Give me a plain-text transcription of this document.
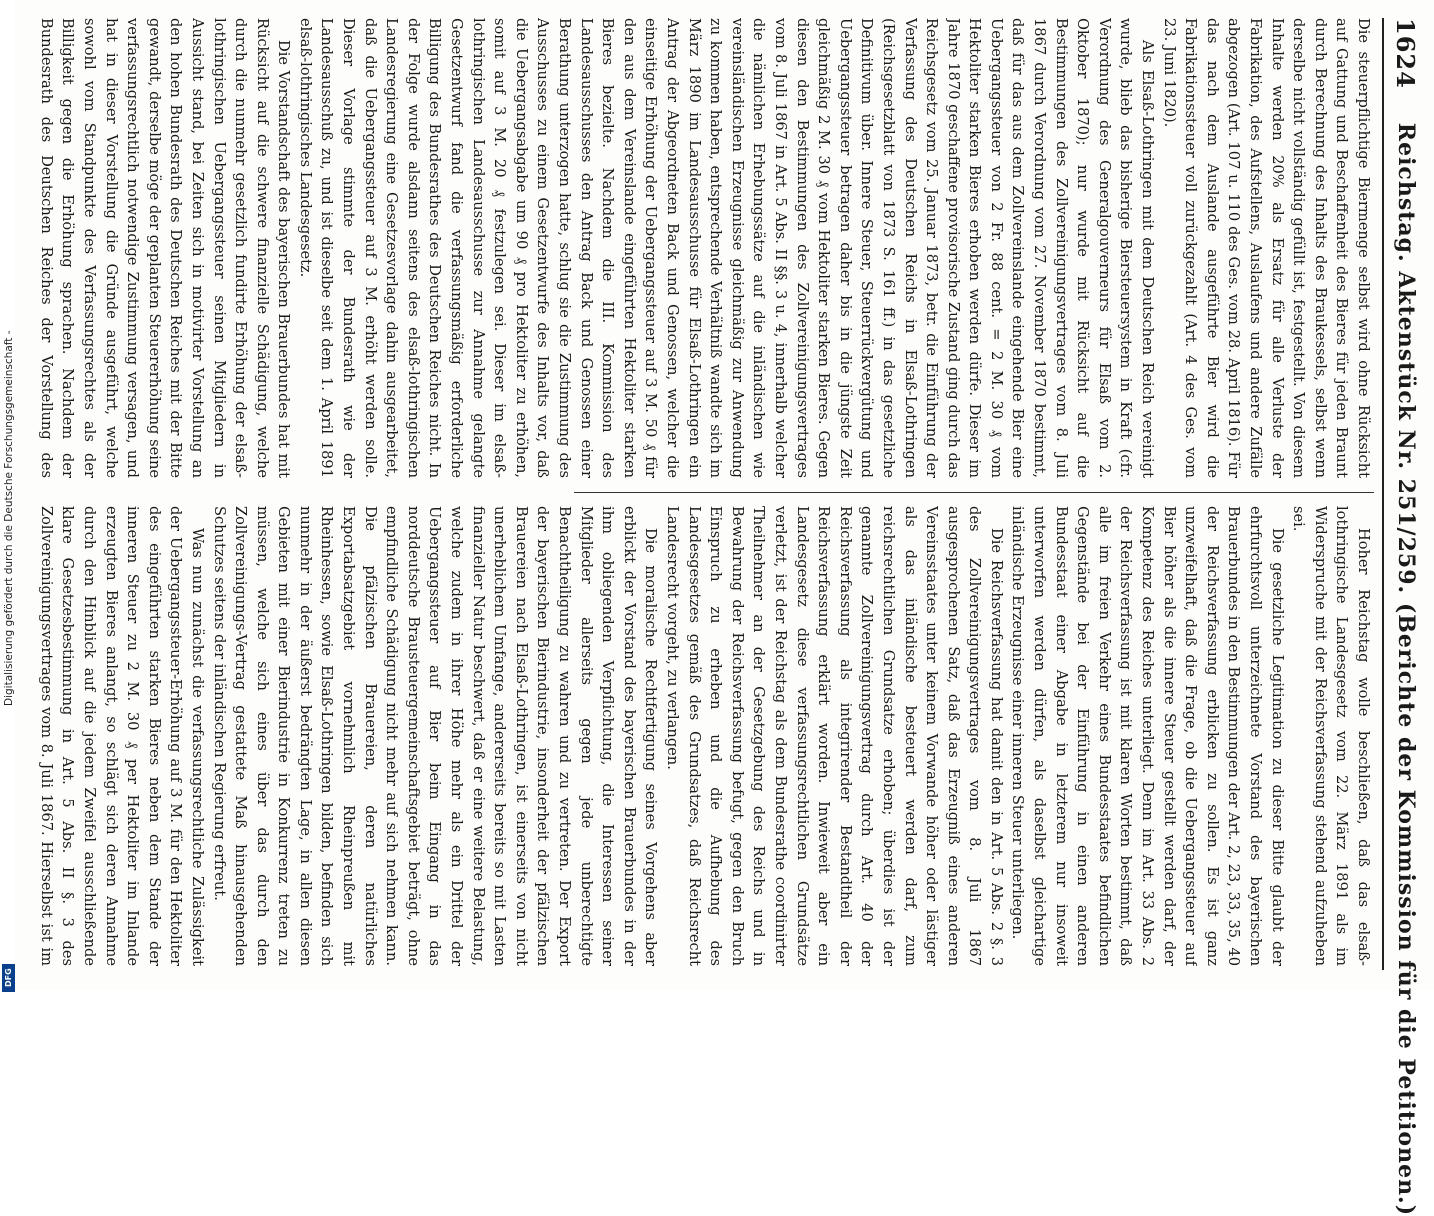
1624
Reichstag. Aktenstück Nr. 251/259. (Berichte der Kommission für die Petitionen.)

Die steuerpflichtige Biermenge selbst wird ohne Rücksicht auf Gattung und Beschaffenheit des Bieres für jeden Braunt durch Berechnung des Inhalts des Braukessels, selbst wenn derselbe nicht vollständig gefüllt ist, festgestellt. Von diesem Inhalte werden 20% als Ersatz für alle Verluste der Fabrikation, des Aufstellens, Auslaufens und andere Zufälle abgezogen (Art. 107 u. 110 des Ges. vom 28. April 1816). Für das nach dem Auslande ausgeführte Bier wird die Fabrikationssteuer voll zurückgezahlt (Art. 4 des Ges. vom 23. Juni 1820).

Als Elsaß-Lothringen mit dem Deutschen Reich vereinigt wurde, blieb das bisherige Biersteuersystem in Kraft (cfr. Verordnung des Generalgouverneurs für Elsaß vom 2. Oktober 1870); nur wurde mit Rücksicht auf die Bestimmungen des Zollvereinigungsvertrages vom 8. Juli 1867 durch Verordnung vom 27. November 1870 bestimmt, daß für das aus dem Zollvereinslande eingehende Bier eine Uebergangssteuer von 2 Fr. 88 cent. = 2 M. 30 ₰ vom Hektoliter starken Bieres erhoben werden dürfe. Dieser im Jahre 1870 geschaffene provisorische Zustand ging durch das Reichsgesetz vom 25. Januar 1873, betr. die Einführung der Verfassung des Deutschen Reichs in Elsaß-Lothringen (Reichsgesetzblatt von 1873 S. 161 ff.) in das gesetzliche Definitivum über. Innere Steuer, Steuerrückvergütung und Uebergangssteuer betragen daher bis in die jüngste Zeit gleichmäßig 2 M. 30 ₰ vom Hektoliter starken Bieres. Gegen diesen den Bestimmungen des Zollvereinigungsvertrages vom 8. Juli 1867 in Art. 5 Abs. II §§. 3 u. 4, innerhalb welcher die nämlichen Erhebungssätze auf die inländischen wie vereinsländischen Erzeugnisse gleichmäßig zur Anwendung zu kommen haben, entsprechende Verhältniß wandte sich im März 1890 im Landesausschusse für Elsaß-Lothringen ein Antrag der Abgeordneten Back und Genossen, welcher die einseitige Erhöhung der Uebergangssteuer auf 3 M. 50 ₰ für den aus dem Vereinslande eingeführten Hektoliter starken Bieres bezielte. Nachdem die III. Kommission des Landesausschusses den Antrag Back und Genossen einer Berathung unterzogen hatte, schlug sie die Zustimmung des Ausschusses zu einem Gesetzentwurfe des Inhalts vor, daß die Uebergangsabgabe um 90 ₰ pro Hektoliter zu erhöhen, somit auf 3 M. 20 ₰ festzulegen sei. Dieser im elsaß-lothringischen Landesausschusse zur Annahme gelangte Gesetzentwurf fand die verfassungsmäßig erforderliche Billigung des Bundesrathes des Deutschen Reiches nicht. In der Folge wurde alsdann seitens des elsaß-lothringischen Landesregierung eine Gesetzesvorlage dahin ausgearbeitet, daß die Uebergangssteuer auf 3 M. erhöht werden solle. Dieser Vorlage stimmte der Bundesrath wie der Landesausschuß zu, und ist dieselbe seit dem 1. April 1891 elsaß-lothringisches Landesgesetz.

Die Vorstandschaft des bayerischen Brauerbundes hat mit Rücksicht auf die schwere finanzielle Schädigung, welche durch die nunmehr gesetzlich fundirte Erhöhung der elsaß-lothringischen Uebergangssteuer seinen Mitgliedern in Aussicht stand, bei Zeiten sich in motivirter Vorstellung an den hohen Bundesrath des Deutschen Reiches mit der Bitte gewandt, derselbe möge der geplanten Steuererhöhung seine verfassungsrechtlich notwendige Zustimmung versagen, und hat in dieser Vorstellung die Gründe ausgeführt, welche sowohl vom Standpunkte des Verfassungsrechtes als der Billigkeit gegen die Erhöhung sprachen. Nachdem der Bundesrath des Deutschen Reiches der Vorstellung des

Hoher Reichstag wolle beschließen, daß das elsaß-lothringische Landesgesetz vom 22. März 1891 als im Widerspruche mit der Reichsverfassung stehend aufzuheben sei.

Die gesetzliche Legitimation zu dieser Bitte glaubt der ehrfurchtsvoll unterzeichnete Vorstand des bayerischen Brauerbundes in den Bestimmungen der Art. 2, 23, 33, 35, 40 der Reichsverfassung erblicken zu sollen. Es ist ganz unzweifelhaft, daß die Frage, ob die Uebergangssteuer auf Bier höher als die innere Steuer gestellt werden darf, der Kompetenz des Reiches unterliegt. Denn im Art. 33 Abs. 2 der Reichsverfassung ist mit klaren Worten bestimmt, daß alle im freien Verkehr eines Bundesstaates befindlichen Gegenstände bei der Einführung in einen anderen Bundesstaat einer Abgabe in letzterem nur insoweit unterworfen werden dürfen, als daselbst gleichartige inländische Erzeugnisse einer inneren Steuer unterliegen.

Die Reichsverfassung hat damit den in Art. 5 Abs. 2 §. 3 des Zollvereinigungsvertrages vom 8. Juli 1867 ausgesprochenen Satz, daß das Erzeugniß eines anderen Vereinsstaates unter keinem Vorwande höher oder lästiger als das inländische besteuert werden darf, zum reichsrechtlichen Grundsatze erhoben; überdies ist der genannte Zollvereinigungsvertrag durch Art. 40 der Reichsverfassung als integrirender Bestandtheil der Reichsverfassung erklärt worden. Inwieweit aber ein Landesgesetz diese verfassungsrechtlichen Grundsätze verletzt, ist der Reichstag als dem Bundesrathe coordinirter Theilnehmer an der Gesetzgebung des Reichs und in Bewahrung der Reichsverfassung befugt, gegen den Bruch Einspruch zu erheben und die Aufhebung des Landesgesetzes gemäß des Grundsatzes, daß Reichsrecht Landesrecht vorgeht, zu verlangen.

Die moralische Rechtfertigung seines Vorgehens aber erblickt der Vorstand des bayerischen Brauerbundes in der ihm obliegenden Verpflichtung, die Interessen seiner Mitglieder allerseits gegen jede unberechtigte Benachtheiligung zu wahren und zu vertreten. Der Export der bayerischen Bierindustrie, insonderheit der pfälzischen Brauereien nach Elsaß-Lothringen, ist einerseits von nicht unerheblichem Umfange, andererseits bereits so mit Lasten finanzieller Natur beschwert, daß er eine weitere Belastung, welche zudem in ihrer Höhe mehr als ein Drittel der Uebergangssteuer auf Bier beim Eingang in das norddeutsche Brausteuergemeinschaftsgebiet beträgt, ohne empfindliche Schädigung nicht mehr auf sich nehmen kann. Die pfälzischen Brauereien, deren natürliches Exportabsatzgebiet vornehmlich Rheinpreußen mit Rheinhessen, sowie Elsaß-Lothringen bilden, befinden sich nunmehr in der äußerst bedrängten Lage, in allen diesen Gebieten mit einer Bierindustrie in Konkurrenz treten zu müssen, welche sich eines über das durch den Zollvereinigungs-Vertrag gestattete Maß hinausgehenden Schutzes seitens der inländischen Regierung erfreut.

Was nun zunächst die verfassungsrechtliche Zulässigkeit der Uebergangssteuer-Erhöhung auf 3 M. für den Hektoliter des eingeführten starken Bieres neben dem Stande der inneren Steuer zu 2 M. 30 ₰ per Hektoliter im Inlande erzeugten Bieres anlangt, so schlägt sich deren Annahme durch den Hinblick auf die jedem Zweifel ausschließende klare Gesetzesbestimmung in Art. 5 Abs. II §. 3 des Zollvereinigungsvertrages vom 8. Juli 1867. Hierselbst ist im

Digitalisierung gefördert durch die Deutsche Forschungsgemeinschaft -
DFG
